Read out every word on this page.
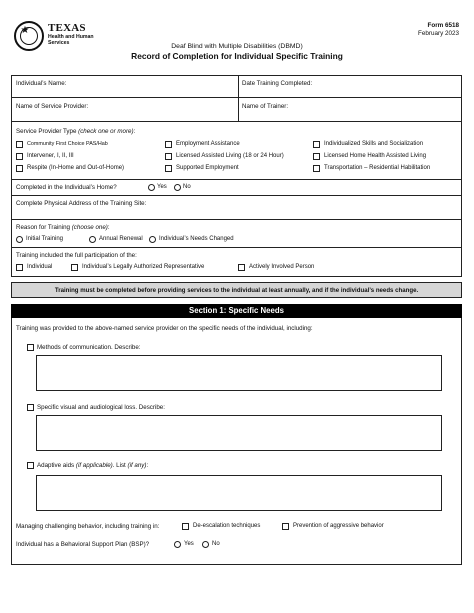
★ TEXAS
Health and Human
Services
Form 6518
February 2023
Deaf Blind with Multiple Disabilities (DBMD)
Record of Completion for Individual Specific Training
Individual’s Name:	Date Training Completed:
Name of Service Provider:	Name of Trainer:
Service Provider Type (check one or more):
Community First Choice PAS/Hab	Employment Assistance	Individualized Skills and Socialization
Intervener, I, II, III	Licensed Assisted Living (18 or 24 Hour)	Licensed Home Health Assisted Living
Respite (In-Home and Out-of-Home)	Supported Employment	Transportation – Residential Habilitation
Completed in the Individual’s Home?	Yes	No
Complete Physical Address of the Training Site:
Reason for Training (choose one):
Initial Training	Annual Renewal	Individual’s Needs Changed
Training included the full participation of the:
Individual	Individual’s Legally Authorized Representative	Actively Involved Person
Training must be completed before providing services to the individual at least annually, and if the individual’s needs change.
Section 1: Specific Needs
Training was provided to the above-named service provider on the specific needs of the individual, including:
Methods of communication. Describe:
Specific visual and audiological loss. Describe:
Adaptive aids (if applicable). List (if any):
Managing challenging behavior, including training in:	De-escalation techniques	Prevention of aggressive behavior
Individual has a Behavioral Support Plan (BSP)?	Yes	No
